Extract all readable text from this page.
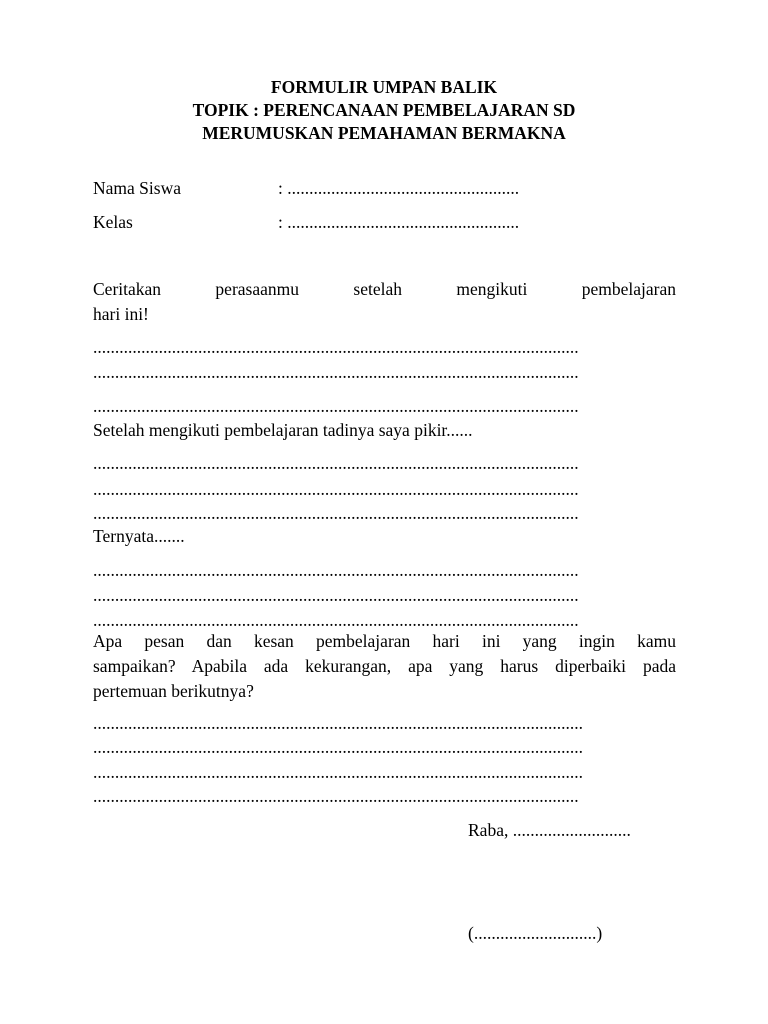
FORMULIR UMPAN BALIK
TOPIK : PERENCANAAN PEMBELAJARAN SD
MERUMUSKAN PEMAHAMAN BERMAKNA
Nama Siswa	: .....................................................
Kelas	: .....................................................
Ceritakan perasaanmu setelah mengikuti pembelajaran
hari ini!
...............................................................................................................
...............................................................................................................
...............................................................................................................
Setelah mengikuti pembelajaran tadinya saya pikir......
...............................................................................................................
...............................................................................................................
...............................................................................................................
Ternyata.......
...............................................................................................................
...............................................................................................................
...............................................................................................................
Apa pesan dan kesan pembelajaran hari ini yang ingin kamu
sampaikan? Apabila ada kekurangan, apa yang harus diperbaiki pada
pertemuan berikutnya?
................................................................................................................
................................................................................................................
................................................................................................................
...............................................................................................................
Raba, ...........................
(............................)
